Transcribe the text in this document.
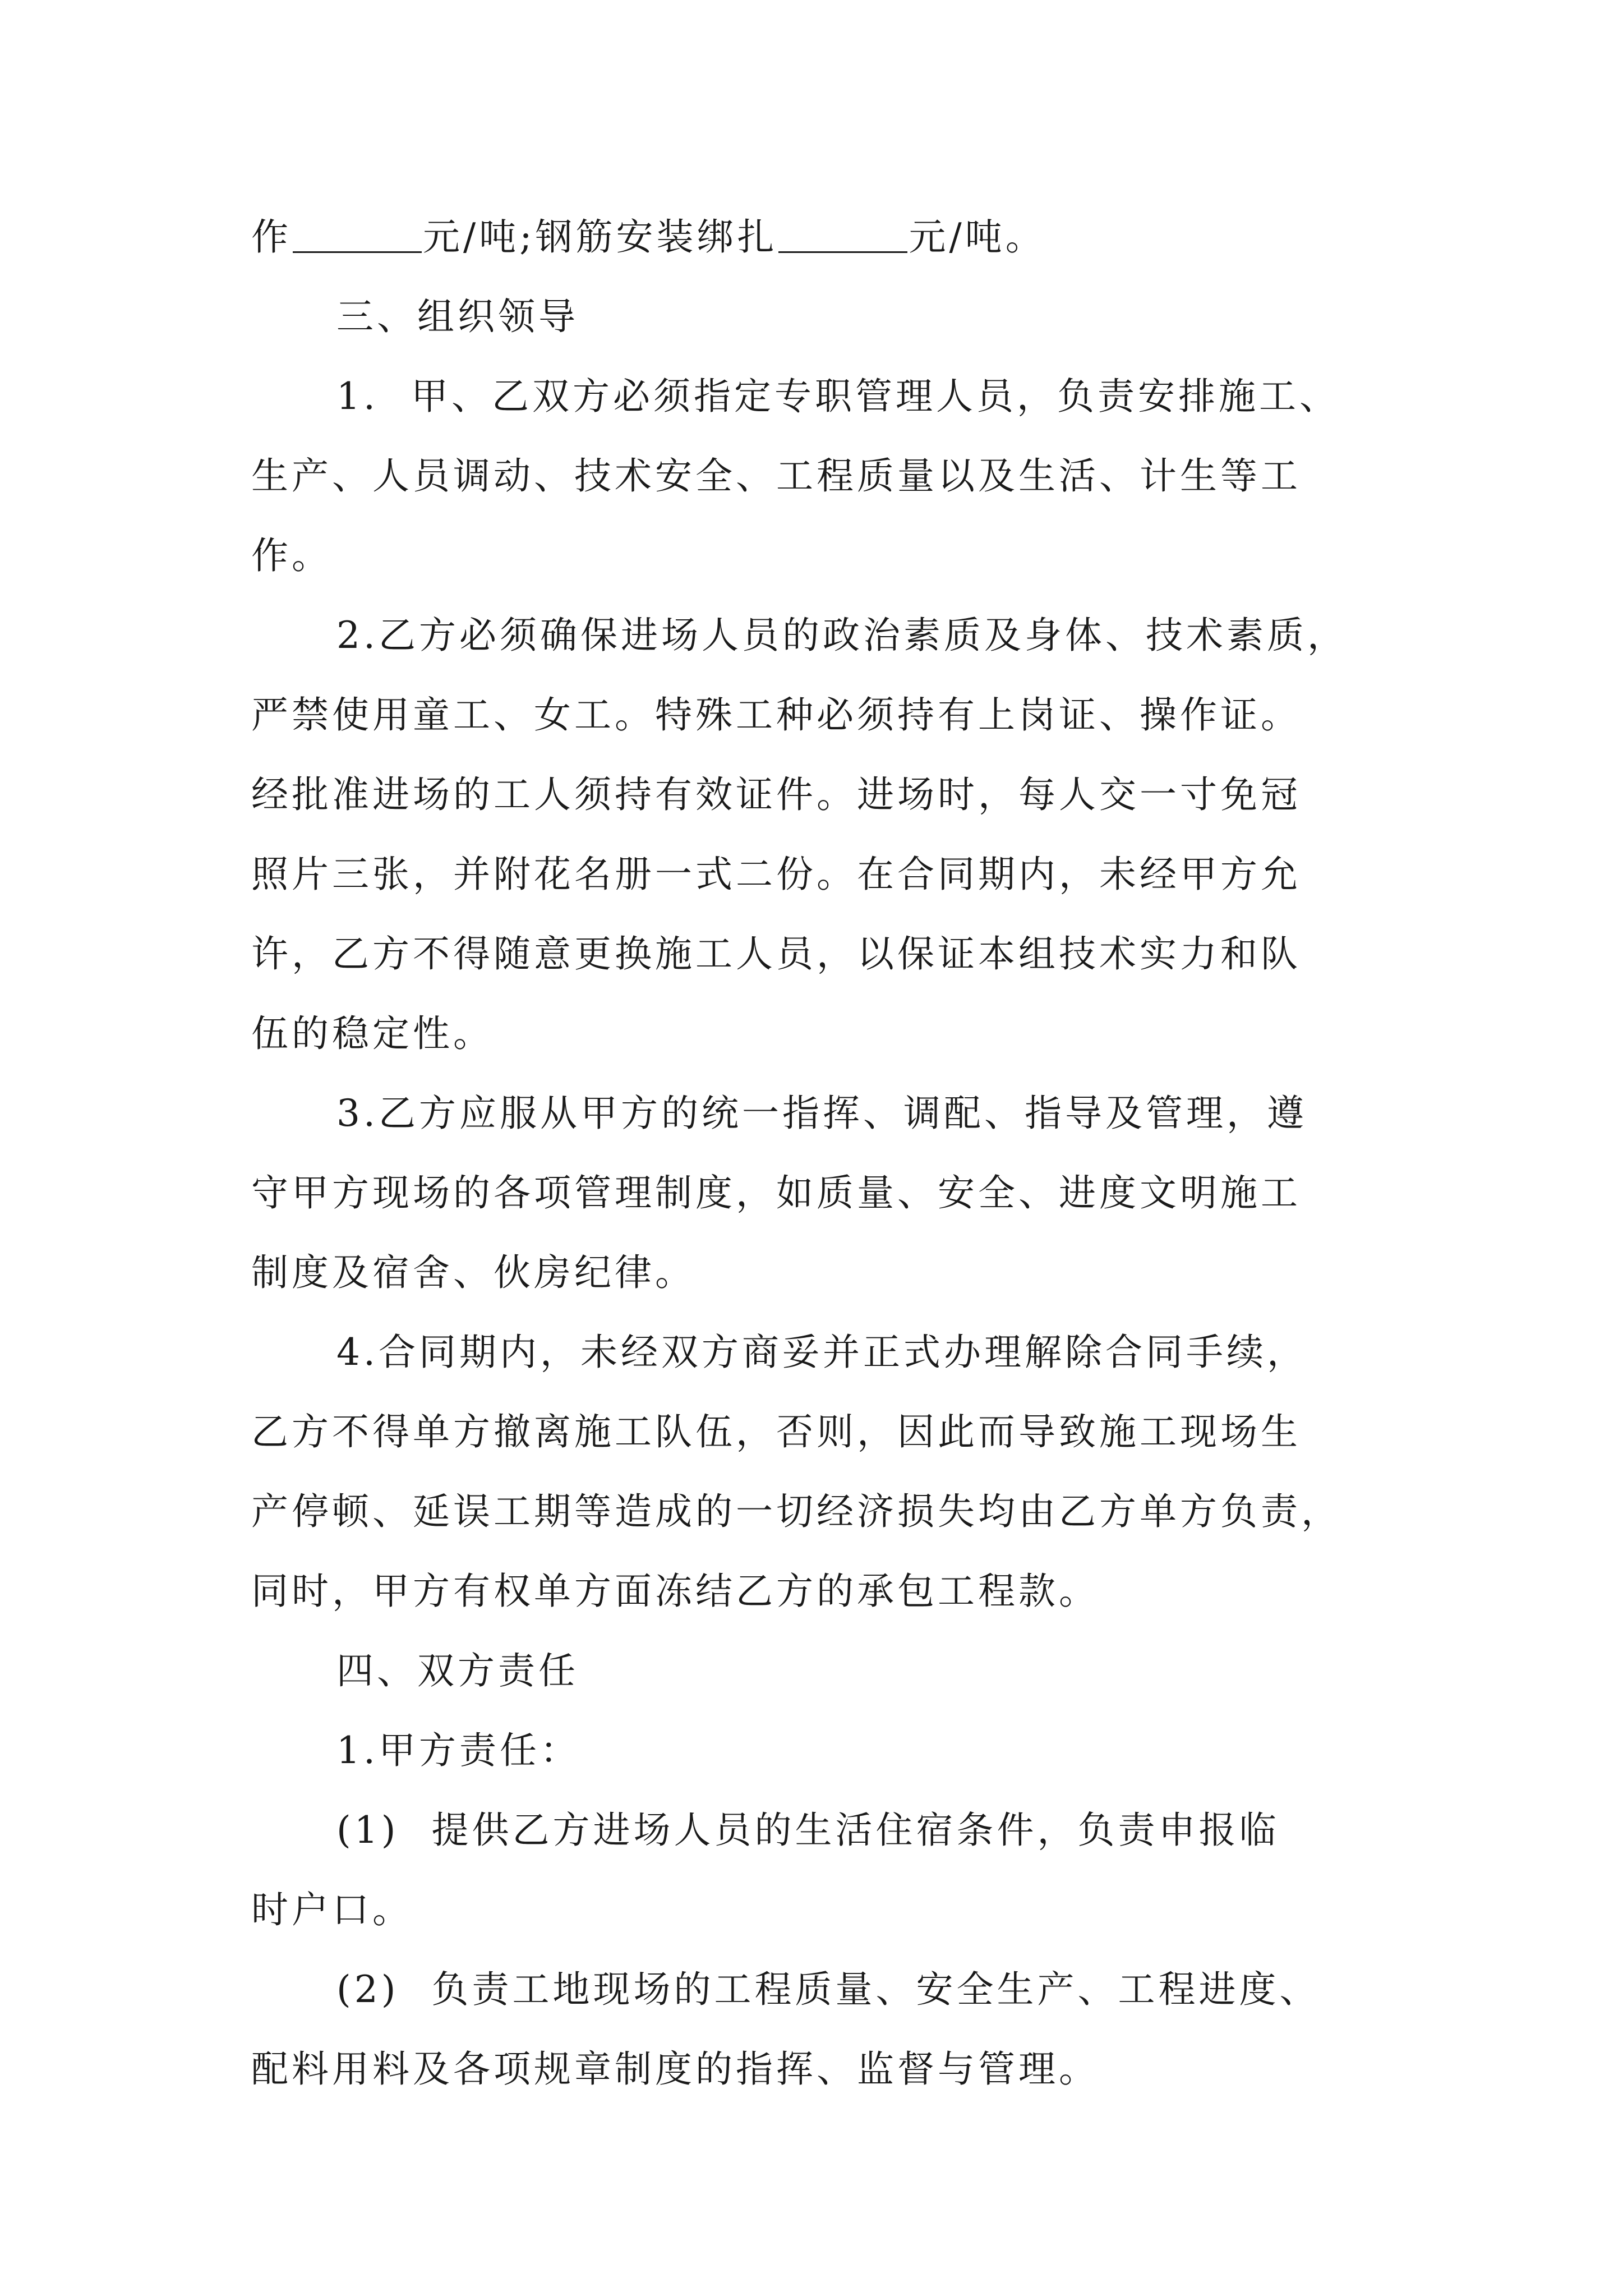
作	元/吨;钢筋安装绑扎	元/吨。
三、组织领导
1. 甲、乙双方必须指定专职管理人员，负责安排施工、
生产、人员调动、技术安全、工程质量以及生活、计生等工
作。
2.乙方必须确保进场人员的政治素质及身体、技术素质，
严禁使用童工、女工。特殊工种必须持有上岗证、操作证。
经批准进场的工人须持有效证件。进场时，每人交一寸免冠
照片三张，并附花名册一式二份。在合同期内，未经甲方允
许，乙方不得随意更换施工人员，以保证本组技术实力和队
伍的稳定性。
3.乙方应服从甲方的统一指挥、调配、指导及管理，遵
守甲方现场的各项管理制度，如质量、安全、进度文明施工
制度及宿舍、伙房纪律。
4.合同期内，未经双方商妥并正式办理解除合同手续，
乙方不得单方撤离施工队伍，否则，因此而导致施工现场生
产停顿、延误工期等造成的一切经济损失均由乙方单方负责，
同时，甲方有权单方面冻结乙方的承包工程款。
四、双方责任
1.甲方责任：
(1) 提供乙方进场人员的生活住宿条件，负责申报临
时户口。
(2) 负责工地现场的工程质量、安全生产、工程进度、
配料用料及各项规章制度的指挥、监督与管理。
